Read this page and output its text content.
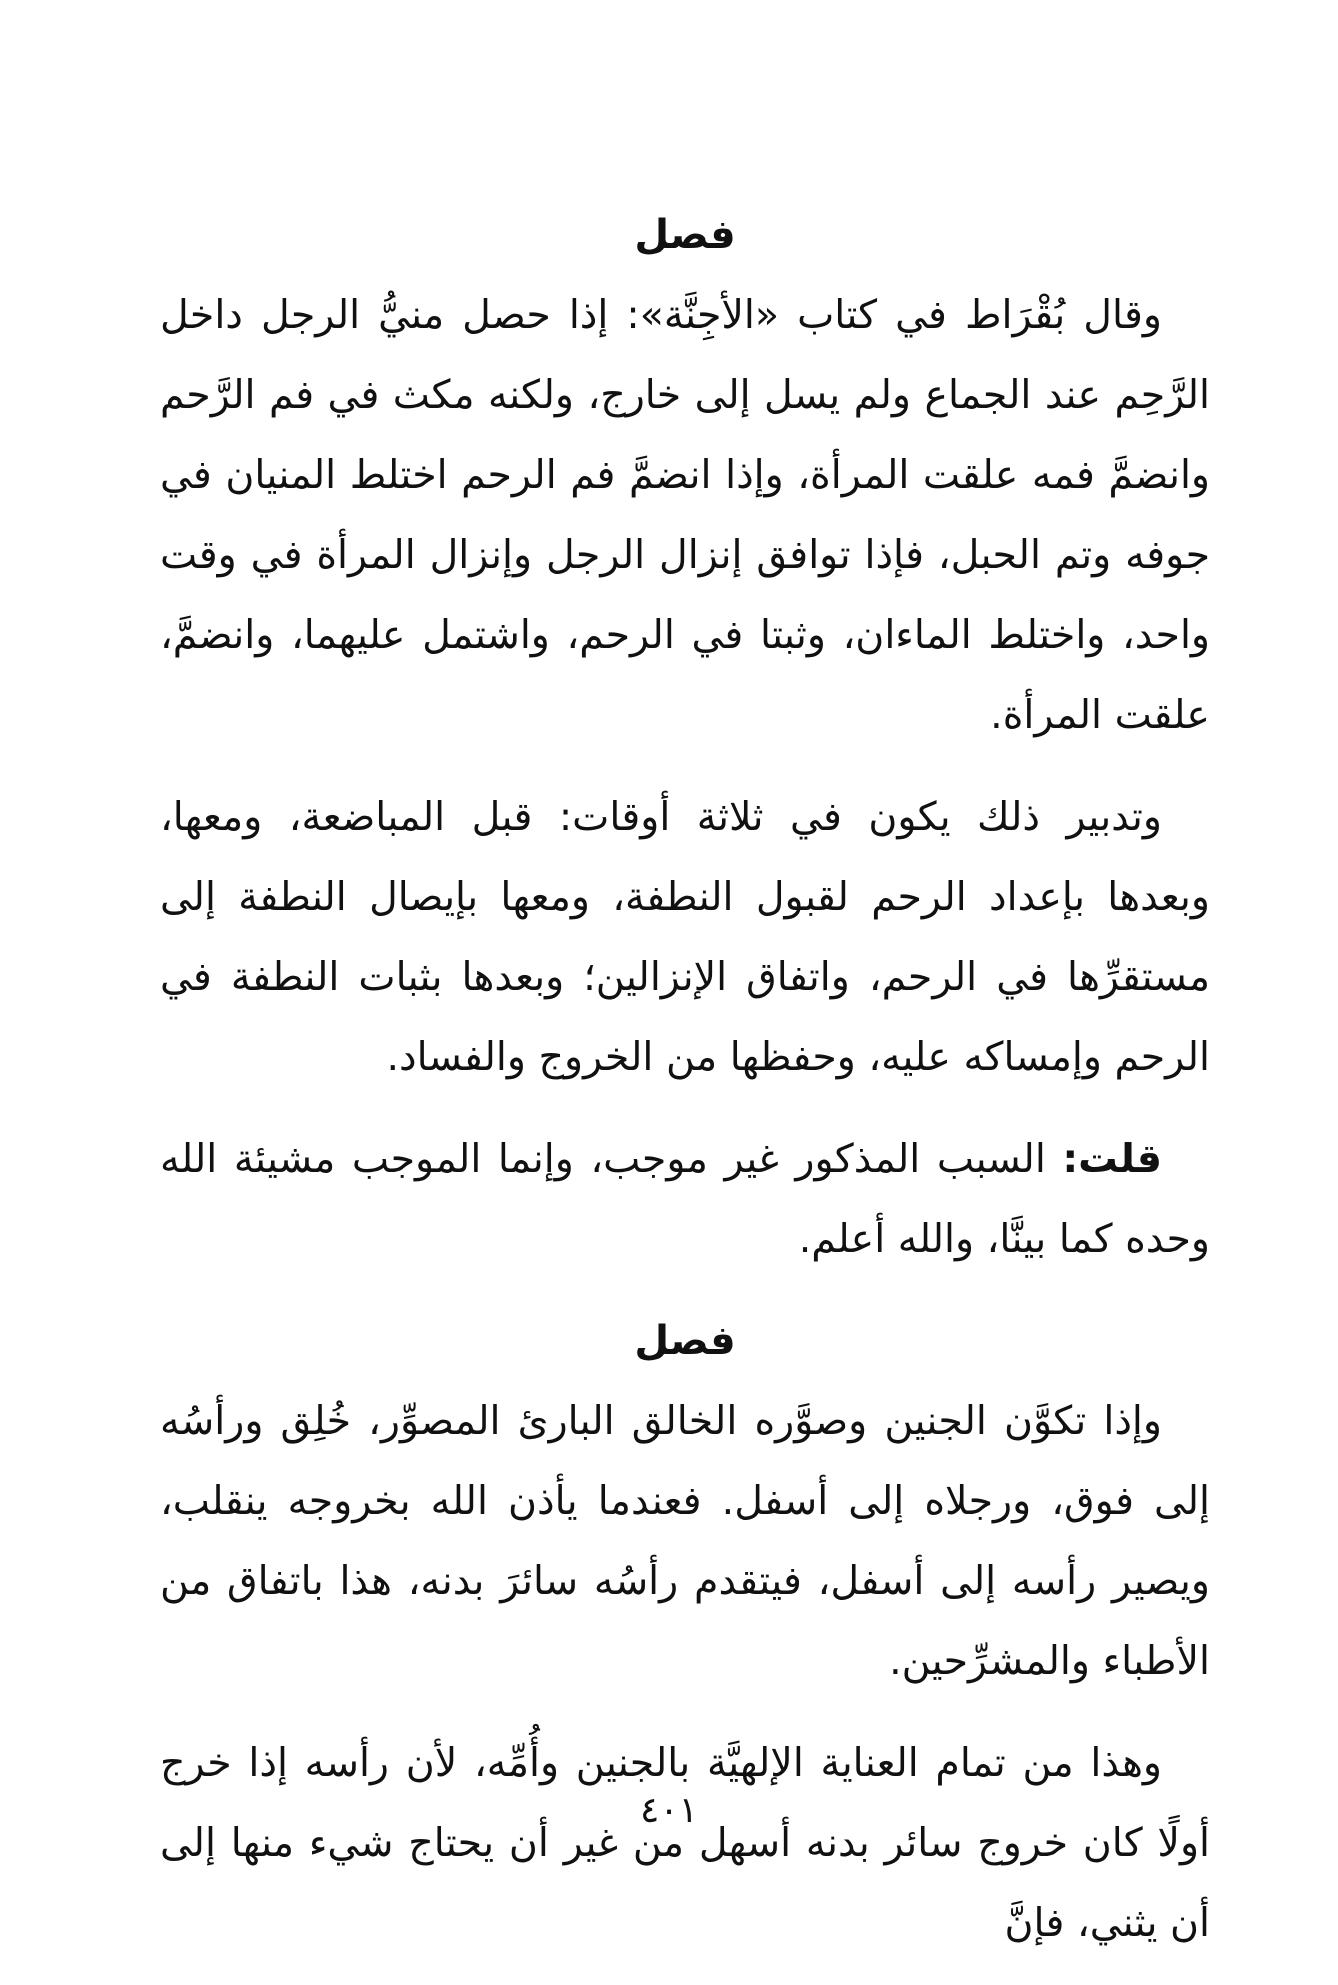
فصل

وقال بُقْرَاط في كتاب «الأجِنَّة»: إذا حصل منيُّ الرجل داخل الرَّحِم عند الجماع ولم يسل إلى خارج، ولكنه مكث في فم الرَّحم وانضمَّ فمه علقت المرأة، وإذا انضمَّ فم الرحم اختلط المنيان في جوفه وتم الحبل، فإذا توافق إنزال الرجل وإنزال المرأة في وقت واحد، واختلط الماءان، وثبتا في الرحم، واشتمل عليهما، وانضمَّ، علقت المرأة.

وتدبير ذلك يكون في ثلاثة أوقات: قبل المباضعة، ومعها، وبعدها بإعداد الرحم لقبول النطفة، ومعها بإيصال النطفة إلى مستقرِّها في الرحم، واتفاق الإنزالين؛ وبعدها بثبات النطفة في الرحم وإمساكه عليه، وحفظها من الخروج والفساد.

قلت: السبب المذكور غير موجب، وإنما الموجب مشيئة الله وحده كما بينَّا، والله أعلم.

فصل

وإذا تكوَّن الجنين وصوَّره الخالق البارئ المصوِّر، خُلِق ورأسُه إلى فوق، ورجلاه إلى أسفل. فعندما يأذن الله بخروجه ينقلب، ويصير رأسه إلى أسفل، فيتقدم رأسُه سائرَ بدنه، هذا باتفاق من الأطباء والمشرِّحين.

وهذا من تمام العناية الإلهيَّة بالجنين وأُمِّه، لأن رأسه إذا خرج أولًا كان خروج سائر بدنه أسهل من غير أن يحتاج شيء منها إلى أن يثني، فإنَّ

٤٠١
